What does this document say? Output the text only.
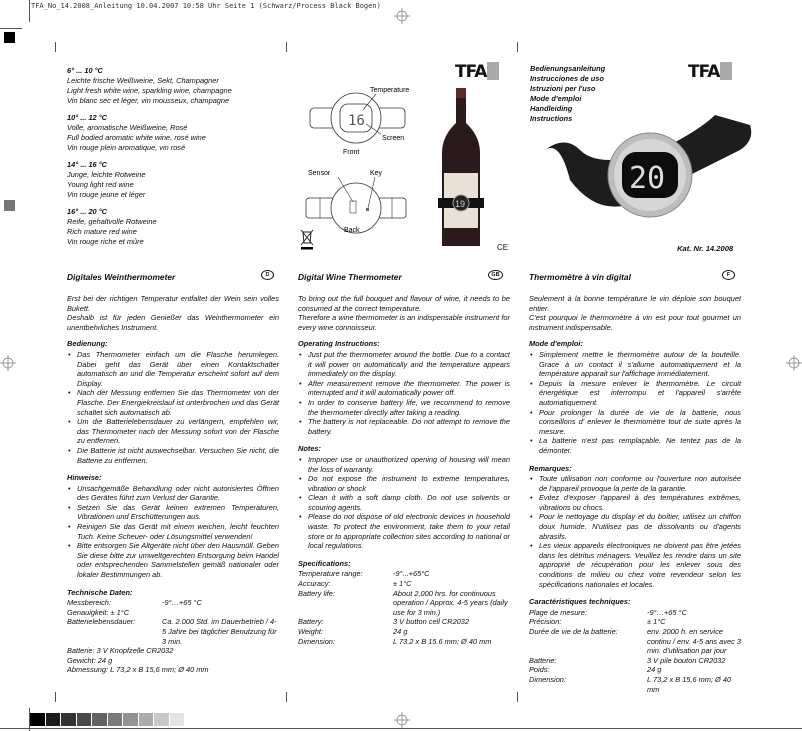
TFA_No_14.2008_Anleitung 10.04.2007 10:58 Uhr Seite 1 (Schwarz/Process Black Bogen)
6° ... 10 °C
Leichte frische Weißweine, Sekt, Champagner
Light fresh white wine, sparkling wine, champagne
Vin blanc sec et léger, vin mousseux, champagne
10° ... 12 °C
Volle, aromatische Weißweine, Rosé
Full bodied aromatic white wine, rosé wine
Vin rouge plein aromatique, vin rosé
14° ... 16 °C
Junge, leichte Rotweine
Young light red wine
Vin rouge jeune et léger
16° ... 20 °C
Reife, gehaltvolle Rotweine
Rich mature red wine
Vin rouge riche et mûre
16
Temperature
Screen
Front
Sensor	Key
Back
19
TFA
CE
Bedienungsanleitung
Instrucciones de uso
Istruzioni per l'uso
Mode d'emploi
Handleiding
Instructions
TFA
20
Kat. Nr. 14.2008
Digitales Weinthermometer	D	Digital Wine Thermometer	GB	Thermomètre à vin digital	F

Erst bei der richtigen Temperatur entfaltet der Wein sein volles Bukett.
Deshalb ist für jeden Genießer das Weinthermometer ein unentbehrliches Instrument.

Bedienung:
• Das Thermometer einfach um die Flasche herumlegen. Dabei geht das Gerät über einen Kontaktschalter automatisch an und die Temperatur erscheint sofort auf dem Display.
• Nach der Messung entfernen Sie das Thermometer von der Flasche. Der Energiekreislauf ist unterbrochen und das Gerät schaltet sich automatisch ab.
• Um die Batterielebensdauer zu verlängern, empfehlen wir, das Thermometer nach der Messung sofort von der Flasche zu entfernen.
• Die Batterie ist nicht auswechselbar. Versuchen Sie nicht, die Batterie zu entfernen.
Hinweise:
• Unsachgemäße Behandlung oder nicht autorisiertes Öffnen des Gerätes führt zum Verlust der Garantie.
• Setzen Sie das Gerät keinen extremen Temperaturen, Vibrationen und Erschütterungen aus.
• Reinigen Sie das Gerät mit einem weichen, leicht feuchten Tuch. Keine Scheuer- oder Lösungsmittel verwenden!
• Bitte entsorgen Sie Altgeräte nicht über den Hausmüll. Geben Sie diese bitte zur umweltgerechten Entsorgung beim Handel oder entsprechenden Sammelstellen gemäß nationaler oder lokaler Bestimmungen ab.
Technische Daten:
Messbereich:	-9°…+65 °C
Genauigkeit: ± 1°C
Batterielebensdauer:	Ca. 2.000 Std. im Dauerbetrieb / 4-5 Jahre bei täglicher Benutzung für 3 min.
Batterie: 3 V Knopfzelle CR2032
Gewicht: 24 g
Abmessung: L 73,2 x B 15,6 mm; Ø 40 mm

To bring out the full bouquet and flavour of wine, it needs to be consumed at the correct temperature.
Therefore a wine thermometer is an indispensable instrument for every wine connoisseur.

Operating Instructions:
• Just put the thermometer around the bottle. Due to a contact it will power on automatically and the temperature appears immediately on the display.
• After measurement remove the thermometer. The power is interrupted and it will automatically power off.
• In order to conserve battery life, we recommend to remove the thermometer directly after taking a reading.
• The battery is not replaceable. Do not attempt to remove the battery.
Notes:
• Improper use or unauthorized opening of housing will mean the loss of warranty.
• Do not expose the instrument to extreme temperatures, vibration or shock
• Clean it with a soft damp cloth. Do not use solvents or scouring agents.
• Please do not dispose of old electronic devices in household waste. To protect the environment, take them to your retail store or to appropriate collection sites according to national or local regulations.
Specifications:
Temperature range:	-9°...+65°C
Accuracy:	± 1°C
Battery life:	About 2,000 hrs. for continuous operation / Approx. 4-5 years (daily use for 3 min.)
Battery:	3 V button cell CR2032
Weight:	24 g
Dimension:	L 73.2 x B 15.6 mm; Ø 40 mm

Seulement à la bonne température le vin déploie son bouquet entier.
C'est pourquoi le thermomètre à vin est pour tout gourmet un instrument indispensable.

Mode d'emploi:
• Simplement mettre le thermomètre autour de la bouteille. Grace à un contact il s'allume automatiquement et la température apparait sur l'affichage immédiatement.
• Depuis la mesure enlever le thermomètre. Le circuit énergétique est interrompu et l'appareil s'arrête automatiquement.
• Pour prolonger la durée de vie de la batterie, nous conseillons d' enlever le thermomètre tout de suite après la mesure.
• La batterie n'est pas remplaçable. Ne tentez pas de la démonter.
Remarques:
• Toute utilisation non conforme ou l'ouverture non autorisée de l'appareil provoque la perte de la garantie.
• Evitez d'exposer l'appareil à des températures extrêmes, vibrations ou chocs.
• Pour le nettoyage du display et du boîtier, utilisez un chiffon doux humide. N'utilisez pas de dissolvants ou d'agents abrasifs.
• Les vieux appareils électroniques ne doivent pas être jetées dans les détritus ménagers. Veuillez les rendre dans un site approprié de récupération pour les enlever sous des conditions de milieu ou chez votre revendeur selon les spécifications nationales et locales.
Caractéristiques techniques:
Plage de mesure:	-9°…+65 °C
Précision:	± 1°C
Durée de vie de la batterie:	env. 2000 h. en service continu / env. 4-5 ans avec 3 min. d'utilisation par jour
Batterie:	3 V pile bouton CR2032
Poids:	24 g
Dimension:	L 73,2 x B 15,6 mm; Ø 40 mm
